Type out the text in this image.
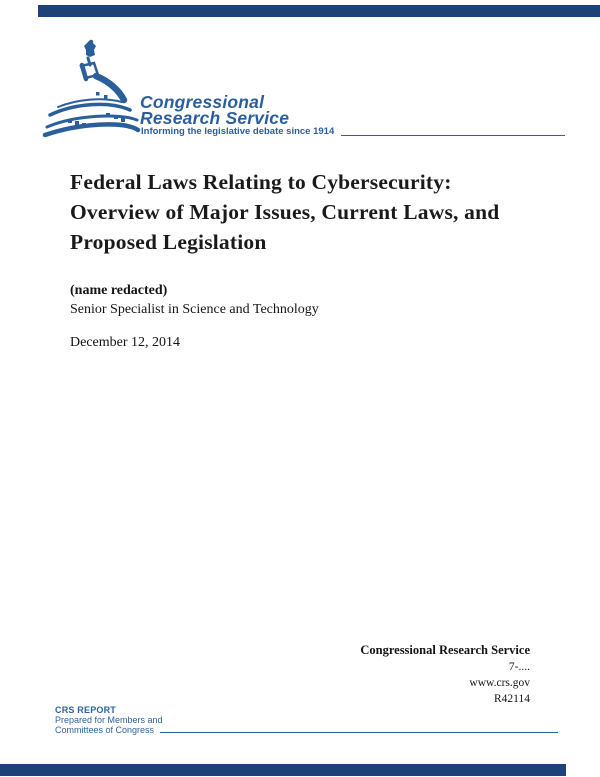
Congressional
Research Service
Informing the legislative debate since 1914
Federal Laws Relating to Cybersecurity:
Overview of Major Issues, Current Laws, and
Proposed Legislation
(name redacted)
Senior Specialist in Science and Technology
December 12, 2014
Congressional Research Service
7-....
www.crs.gov
R42114
CRS REPORT
Prepared for Members and
Committees of Congress
